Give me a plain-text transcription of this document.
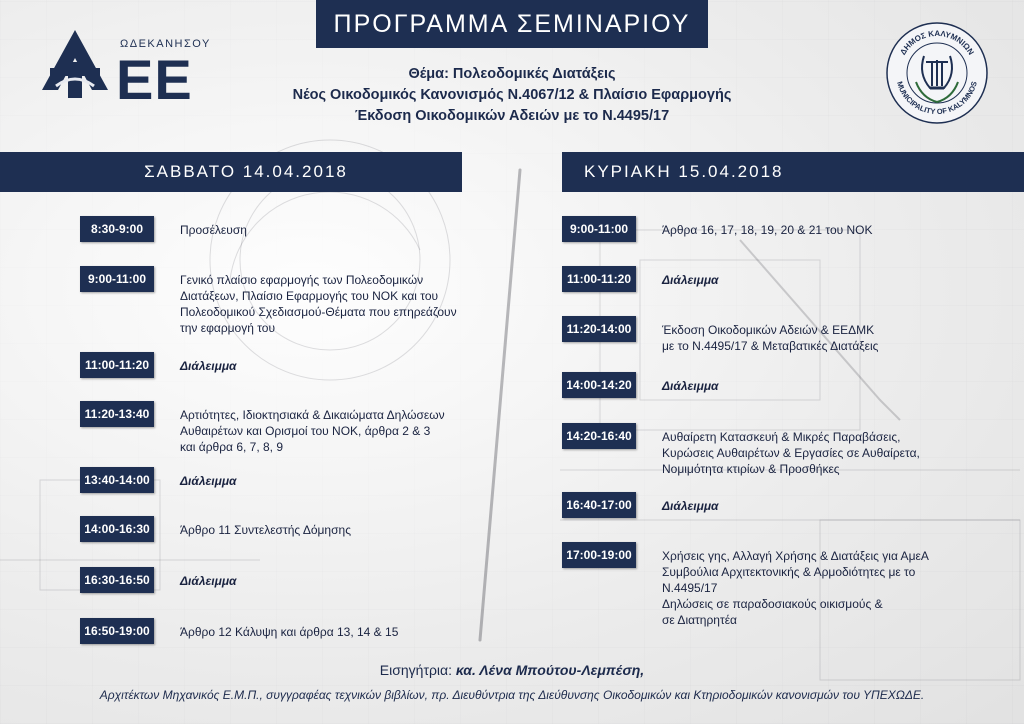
ΠΡΟΓΡΑΜΜΑ ΣΕΜΙΝΑΡΙΟΥ
ΩΔΕΚΑΝΗΣΟΥ
ΕΕ	Θέμα: Πολεοδομικές Διατάξεις
Νέος Οικοδομικός Κανονισμός Ν.4067/12 & Πλαίσιο Εφαρμογής
Έκδοση Οικοδομικών Αδειών με το Ν.4495/17
ΔΗΜΟΣ ΚΑΛΥΜΝΙΩΝ
MUNICIPALITY OF KALYMNOS
ΣΑΒΒΑΤΟ 14.04.2018	ΚΥΡΙΑΚΗ 15.04.2018
8:30-9:00	Προσέλευση
9:00-11:00	Γενικό πλαίσιο εφαρμογής των Πολεοδομικών
Διατάξεων, Πλαίσιο Εφαρμογής του ΝΟΚ και του
Πολεοδομικού Σχεδιασμού-Θέματα που επηρεάζουν
την εφαρμογή του
11:00-11:20	Διάλειμμα
11:20-13:40	Αρτιότητες, Ιδιοκτησιακά & Δικαιώματα Δηλώσεων
Αυθαιρέτων και Ορισμοί του ΝΟΚ, άρθρα 2 & 3
και άρθρα 6, 7, 8, 9
13:40-14:00	Διάλειμμα
14:00-16:30	Άρθρο 11 Συντελεστής Δόμησης
16:30-16:50	Διάλειμμα
16:50-19:00	Άρθρο 12 Κάλυψη και άρθρα 13, 14 & 15
9:00-11:00	Άρθρα 16, 17, 18, 19, 20 & 21 του ΝΟΚ
11:00-11:20	Διάλειμμα
11:20-14:00	Έκδοση Οικοδομικών Αδειών & ΕΕΔΜΚ
με το Ν.4495/17 & Μεταβατικές Διατάξεις
14:00-14:20	Διάλειμμα
14:20-16:40	Αυθαίρετη Κατασκευή & Μικρές Παραβάσεις,
Κυρώσεις Αυθαιρέτων & Εργασίες σε Αυθαίρετα,
Νομιμότητα κτιρίων & Προσθήκες
16:40-17:00	Διάλειμμα
17:00-19:00	Χρήσεις γης, Αλλαγή Χρήσης & Διατάξεις για ΑμεΑ
Συμβούλια Αρχιτεκτονικής & Αρμοδιότητες με το
Ν.4495/17
Δηλώσεις σε παραδοσιακούς οικισμούς &
σε Διατηρητέα
Εισηγήτρια: κα. Λένα Μπούτου-Λεμπέση,
Αρχιτέκτων Μηχανικός Ε.Μ.Π., συγγραφέας τεχνικών βιβλίων, πρ. Διευθύντρια της Διεύθυνσης Οικοδομικών και Κτηριοδομικών κανονισμών του ΥΠΕΧΩΔΕ.
